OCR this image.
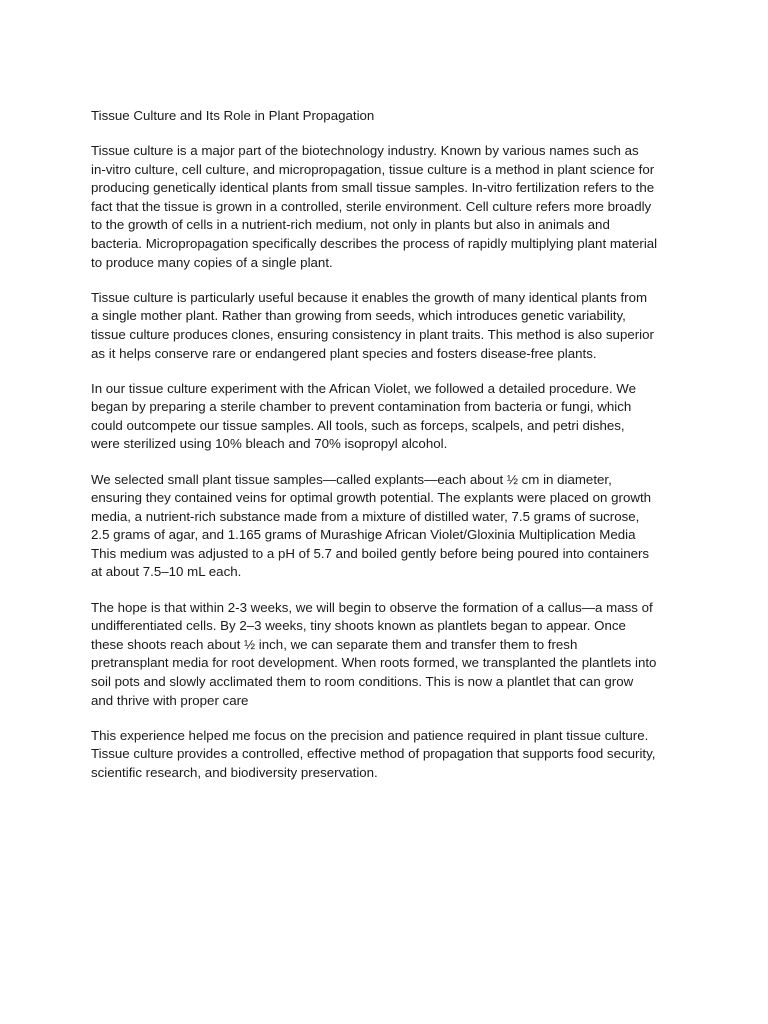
Tissue Culture and Its Role in Plant Propagation

Tissue culture is a major part of the biotechnology industry. Known by various names such as
in-vitro culture, cell culture, and micropropagation, tissue culture is a method in plant science for
producing genetically identical plants from small tissue samples. In-vitro fertilization refers to the
fact that the tissue is grown in a controlled, sterile environment. Cell culture refers more broadly
to the growth of cells in a nutrient-rich medium, not only in plants but also in animals and
bacteria. Micropropagation specifically describes the process of rapidly multiplying plant material
to produce many copies of a single plant.

Tissue culture is particularly useful because it enables the growth of many identical plants from
a single mother plant. Rather than growing from seeds, which introduces genetic variability,
tissue culture produces clones, ensuring consistency in plant traits. This method is also superior
as it helps conserve rare or endangered plant species and fosters disease-free plants.

In our tissue culture experiment with the African Violet, we followed a detailed procedure. We
began by preparing a sterile chamber to prevent contamination from bacteria or fungi, which
could outcompete our tissue samples. All tools, such as forceps, scalpels, and petri dishes,
were sterilized using 10% bleach and 70% isopropyl alcohol.

We selected small plant tissue samples—called explants—each about ½ cm in diameter,
ensuring they contained veins for optimal growth potential. The explants were placed on growth
media, a nutrient-rich substance made from a mixture of distilled water, 7.5 grams of sucrose,
2.5 grams of agar, and 1.165 grams of Murashige African Violet/Gloxinia Multiplication Media
This medium was adjusted to a pH of 5.7 and boiled gently before being poured into containers
at about 7.5–10 mL each.

The hope is that within 2-3 weeks, we will begin to observe the formation of a callus—a mass of
undifferentiated cells. By 2–3 weeks, tiny shoots known as plantlets began to appear. Once
these shoots reach about ½ inch, we can separate them and transfer them to fresh
pretransplant media for root development. When roots formed, we transplanted the plantlets into
soil pots and slowly acclimated them to room conditions. This is now a plantlet that can grow
and thrive with proper care

This experience helped me focus on the precision and patience required in plant tissue culture.
Tissue culture provides a controlled, effective method of propagation that supports food security,
scientific research, and biodiversity preservation.
